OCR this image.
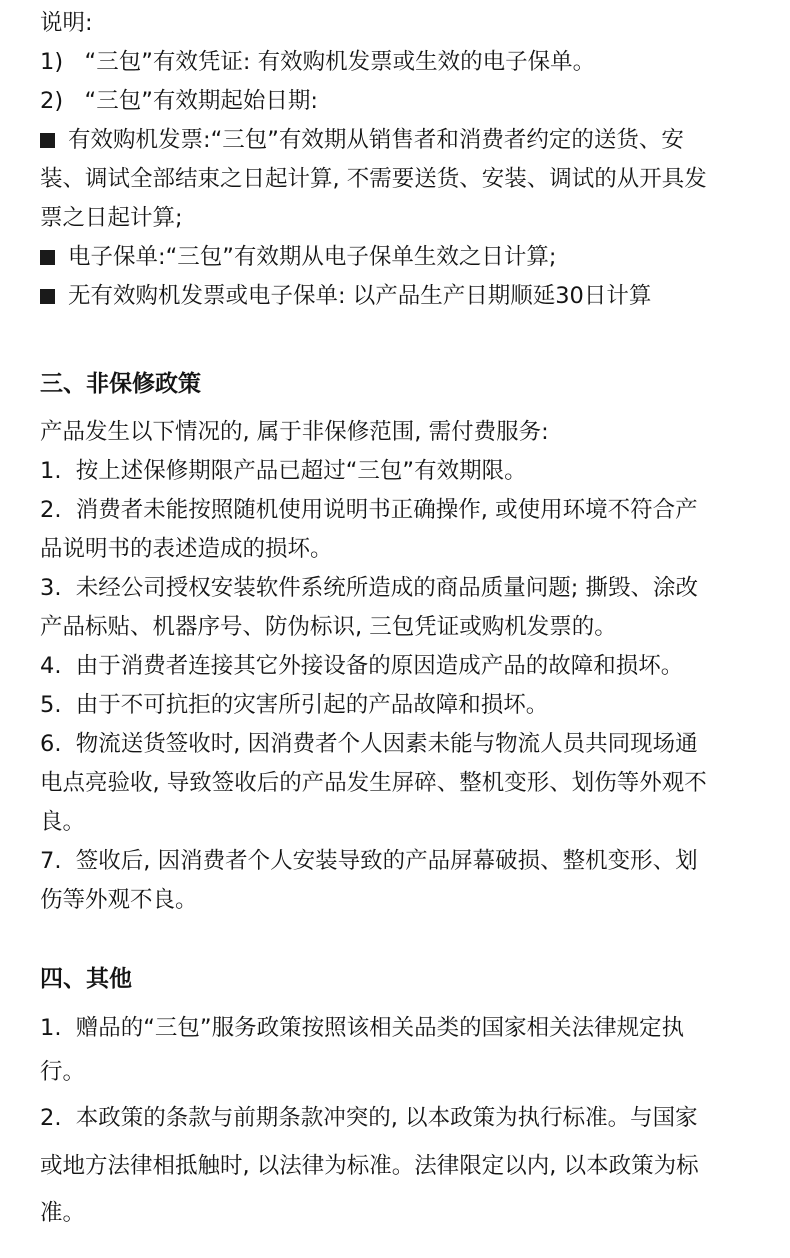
说明:
1)   “三包”有效凭证: 有效购机发票或生效的电子保单。
2)   “三包”有效期起始日期:
有效购机发票:“三包”有效期从销售者和消费者约定的送货、安
装、调试全部结束之日起计算, 不需要送货、安装、调试的从开具发
票之日起计算;
电子保单:“三包”有效期从电子保单生效之日计算;
无有效购机发票或电子保单: 以产品生产日期顺延30日计算
三、非保修政策
产品发生以下情况的, 属于非保修范围, 需付费服务:
1.  按上述保修期限产品已超过“三包”有效期限。
2.  消费者未能按照随机使用说明书正确操作, 或使用环境不符合产
品说明书的表述造成的损坏。
3.  未经公司授权安装软件系统所造成的商品质量问题; 撕毁、涂改
产品标贴、机器序号、防伪标识, 三包凭证或购机发票的。
4.  由于消费者连接其它外接设备的原因造成产品的故障和损坏。
5.  由于不可抗拒的灾害所引起的产品故障和损坏。
6.  物流送货签收时, 因消费者个人因素未能与物流人员共同现场通
电点亮验收, 导致签收后的产品发生屏碎、整机变形、划伤等外观不
良。
7.  签收后, 因消费者个人安装导致的产品屏幕破损、整机变形、划
伤等外观不良。
四、其他
1.  赠品的“三包”服务政策按照该相关品类的国家相关法律规定执
行。
2.  本政策的条款与前期条款冲突的, 以本政策为执行标准。与国家
或地方法律相抵触时, 以法律为标准。法律限定以内, 以本政策为标
准。
